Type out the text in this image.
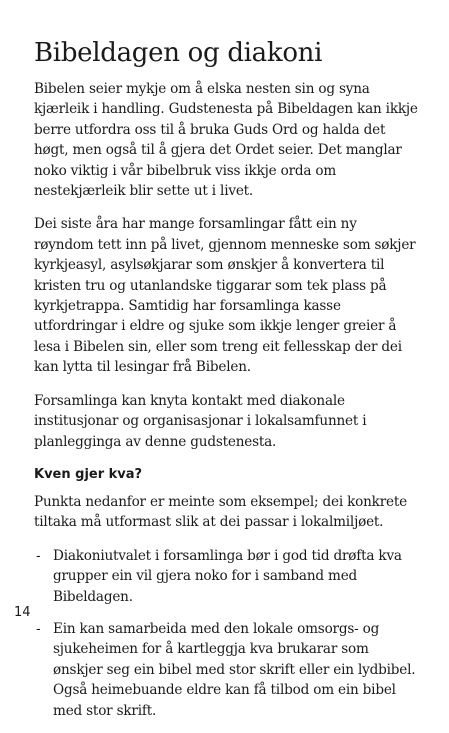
Bibeldagen og diakoni

Bibelen seier mykje om å elska nesten sin og syna kjærleik i handling. Gudstenesta på Bibeldagen kan ikkje berre utfordra oss til å bruka Guds Ord og halda det høgt, men også til å gjera det Ordet seier. Det manglar noko viktig i vår bibelbruk viss ikkje orda om nestekjærleik blir sette ut i livet.

Dei siste åra har mange forsamlingar fått ein ny røyndom tett inn på livet, gjennom menneske som søkjer kyrkjeasyl, asylsøkjarar som ønskjer å konvertera til kristen tru og utanlandske tiggarar som tek plass på kyrkjetrappa. Samtidig har forsamlinga kasse utfordringar i eldre og sjuke som ikkje lenger greier å lesa i Bibelen sin, eller som treng eit fellesskap der dei kan lytta til lesingar frå Bibelen.

Forsamlinga kan knyta kontakt med diakonale institusjonar og organisasjonar i lokalsamfunnet i planlegginga av denne gudstenesta.

Kven gjer kva?

Punkta nedanfor er meinte som eksempel; dei konkrete tiltaka må utformast slik at dei passar i lokalmiljøet.

- Diakoniutvalet i forsamlinga bør i god tid drøfta kva grupper ein vil gjera noko for i samband med Bibeldagen.
- Ein kan samarbeida med den lokale omsorgs- og sjukeheimen for å kartleggja kva brukarar som ønskjer seg ein bibel med stor skrift eller ein lydbibel. Også heimebuande eldre kan få tilbod om ein bibel med stor skrift.
14
